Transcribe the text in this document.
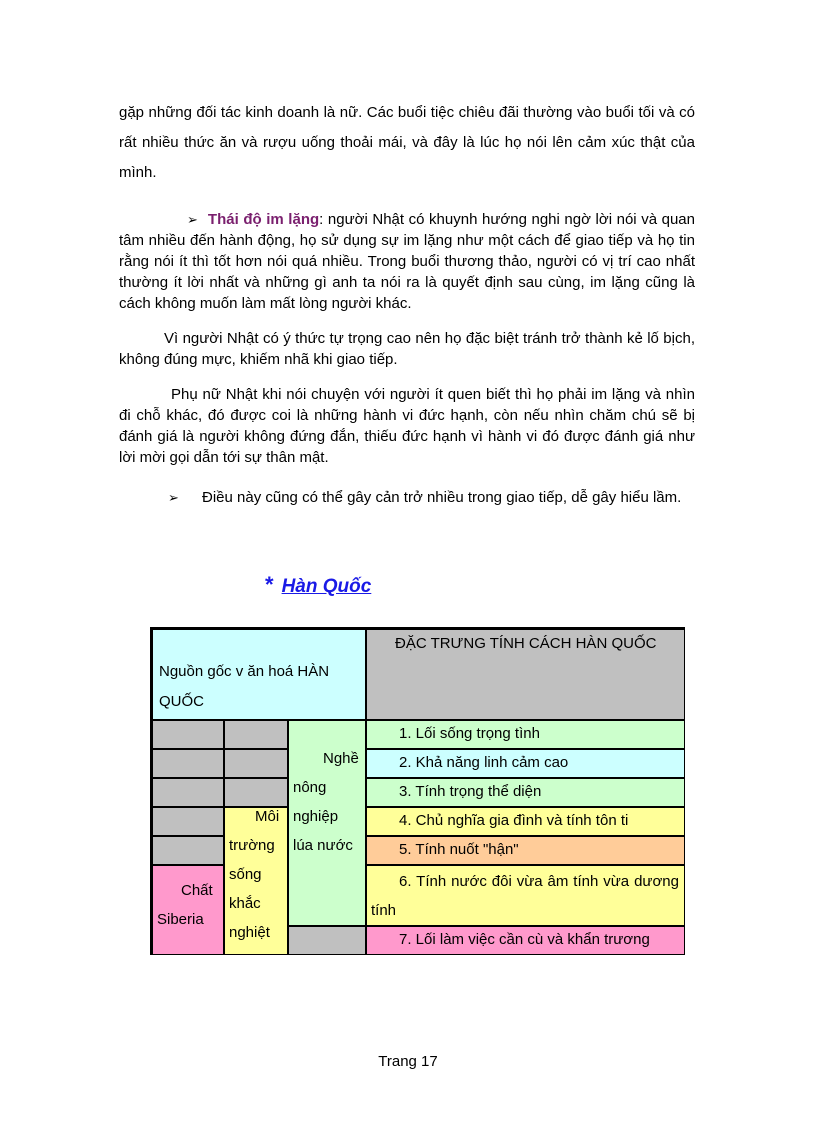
gặp những đối tác kinh doanh là nữ. Các buổi tiệc chiêu đãi thường vào buổi tối và có rất nhiều thức ăn và rượu uống thoải mái, và đây là lúc họ nói lên cảm xúc thật của mình.
➢ Thái độ im lặng: người Nhật có khuynh hướng nghi ngờ lời nói và quan tâm nhiều đến hành động, họ sử dụng sự im lặng như một cách để giao tiếp và họ tin rằng nói ít thì tốt hơn nói quá nhiều. Trong buổi thương thảo, người có vị trí cao nhất thường ít lời nhất và những gì anh ta nói ra là quyết định sau cùng, im lặng cũng là cách không muốn làm mất lòng người khác.
Vì người Nhật có ý thức tự trọng cao nên họ đặc biệt tránh trở thành kẻ lố bịch, không đúng mực, khiếm nhã khi giao tiếp.
Phụ nữ Nhật khi nói chuyện với người ít quen biết thì họ phải im lặng và nhìn đi chỗ khác, đó được coi là những hành vi đức hạnh, còn nếu nhìn chăm chú sẽ bị đánh giá là người không đứng đắn, thiếu đức hạnh vì hành vi đó được đánh giá như lời mời gọi dẫn tới sự thân mật.
➢ Điều này cũng có thể gây cản trở nhiều trong giao tiếp, dễ gây hiểu lầm.
* Hàn Quốc
Nguồn gốc v ăn hoá HÀN QUỐC
ĐẶC TRƯNG TÍNH CÁCH HÀN QUỐC
Chất Siberia
Môi trường sống khắc nghiệt
Nghề nông nghiệp lúa nước
1. Lối sống trọng tình
2. Khả năng linh cảm cao
3. Tính trọng thể diện
4. Chủ nghĩa gia đình và tính tôn ti
5. Tính nuốt "hận"
6. Tính nước đôi vừa âm tính vừa dương tính
7. Lối làm việc cần cù và khẩn trương
Trang 17
